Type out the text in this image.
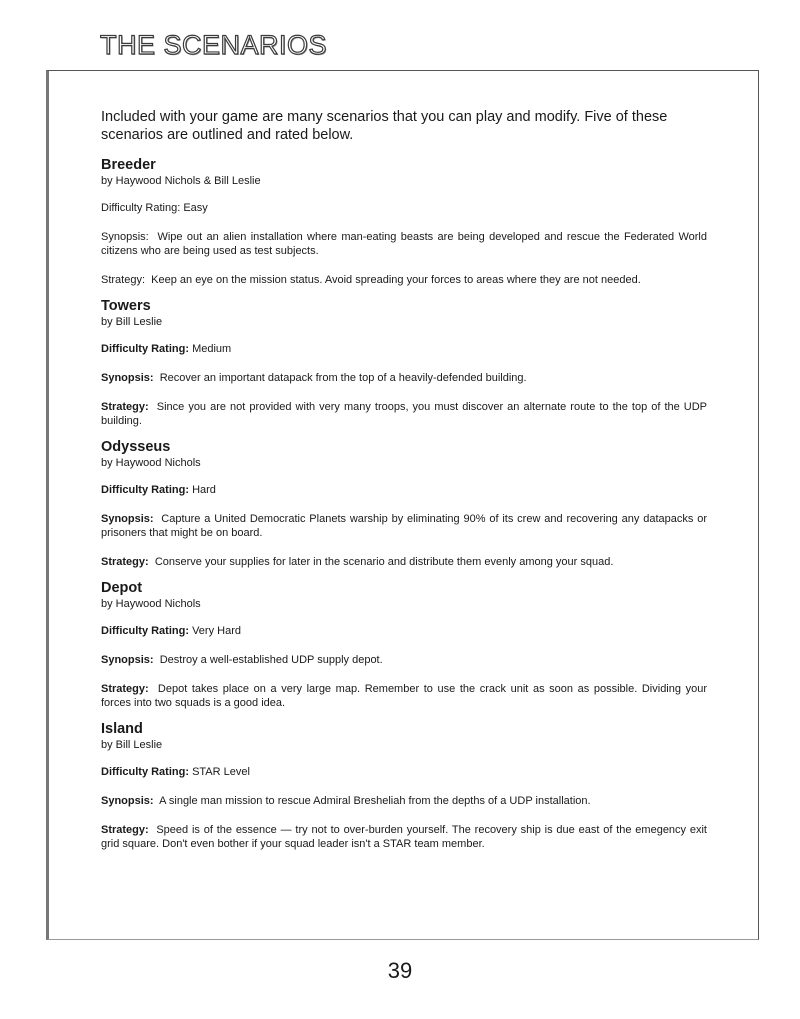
THE SCENARIOS

Included with your game are many scenarios that you can play and modify. Five of these scenarios are outlined and rated below.

Breeder

by Haywood Nichols & Bill Leslie

Difficulty Rating: Easy

Synopsis: Wipe out an alien installation where man-eating beasts are being developed and rescue the Federated World citizens who are being used as test subjects.

Strategy: Keep an eye on the mission status. Avoid spreading your forces to areas where they are not needed.

Towers

by Bill Leslie

Difficulty Rating: Medium

Synopsis: Recover an important datapack from the top of a heavily-defended building.

Strategy: Since you are not provided with very many troops, you must discover an alternate route to the top of the UDP building.

Odysseus

by Haywood Nichols

Difficulty Rating: Hard

Synopsis: Capture a United Democratic Planets warship by eliminating 90% of its crew and recovering any datapacks or prisoners that might be on board.

Strategy: Conserve your supplies for later in the scenario and distribute them evenly among your squad.

Depot

by Haywood Nichols

Difficulty Rating: Very Hard

Synopsis: Destroy a well-established UDP supply depot.

Strategy: Depot takes place on a very large map. Remember to use the crack unit as soon as possible. Dividing your forces into two squads is a good idea.

Island

by Bill Leslie

Difficulty Rating: STAR Level

Synopsis: A single man mission to rescue Admiral Bresheliah from the depths of a UDP installation.

Strategy: Speed is of the essence — try not to over-burden yourself. The recovery ship is due east of the emegency exit grid square. Don't even bother if your squad leader isn't a STAR team member.

39
